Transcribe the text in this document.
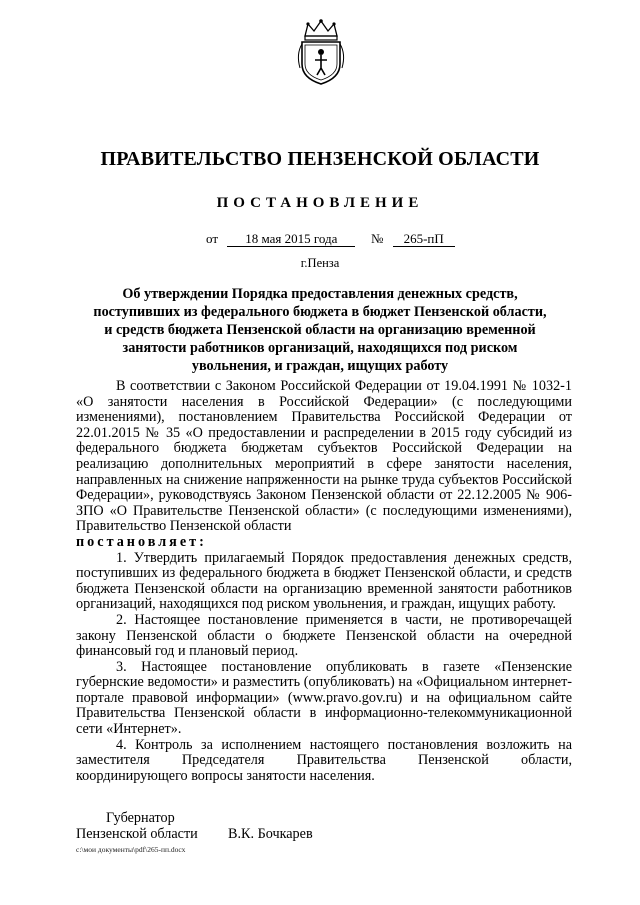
ПРАВИТЕЛЬСТВО ПЕНЗЕНСКОЙ ОБЛАСТИ
ПОСТАНОВЛЕНИЕ
от 18 мая 2015 года	№ 265-пП
г.Пенза
Об утверждении Порядка предоставления денежных средств,
поступивших из федерального бюджета в бюджет Пензенской области,
и средств бюджета Пензенской области на организацию временной
занятости работников организаций, находящихся под риском
увольнения, и граждан, ищущих работу

В соответствии с Законом Российской Федерации от 19.04.1991 № 1032-1 «О занятости населения в Российской Федерации» (с последующими изменениями), постановлением Правительства Российской Федерации от 22.01.2015 № 35 «О предоставлении и распределении в 2015 году субсидий из федерального бюджета бюджетам субъектов Российской Федерации на реализацию дополнительных мероприятий в сфере занятости населения, направленных на снижение напряженности на рынке труда субъектов Российской Федерации», руководствуясь Законом Пензенской области от 22.12.2005 № 906-ЗПО «О Правительстве Пензенской области» (с последующими изменениями), Правительство Пензенской области

постановляет:

1. Утвердить прилагаемый Порядок предоставления денежных средств, поступивших из федерального бюджета в бюджет Пензенской области, и средств бюджета Пензенской области на организацию временной занятости работников организаций, находящихся под риском увольнения, и граждан, ищущих работу.

2. Настоящее постановление применяется в части, не противоречащей закону Пензенской области о бюджете Пензенской области на очередной финансовый год и плановый период.

3. Настоящее постановление опубликовать в газете «Пензенские губернские ведомости» и разместить (опубликовать) на «Официальном интернет-портале правовой информации» (www.pravo.gov.ru) и на официальном сайте Правительства Пензенской области в информационно-телекоммуникационной сети «Интернет».

4. Контроль за исполнением настоящего постановления возложить на заместителя Председателя Правительства Пензенской области, координирующего вопросы занятости населения.

Губернатор
Пензенской области В.К. Бочкарев
c:\мои документы\pdf\265-пп.docx
